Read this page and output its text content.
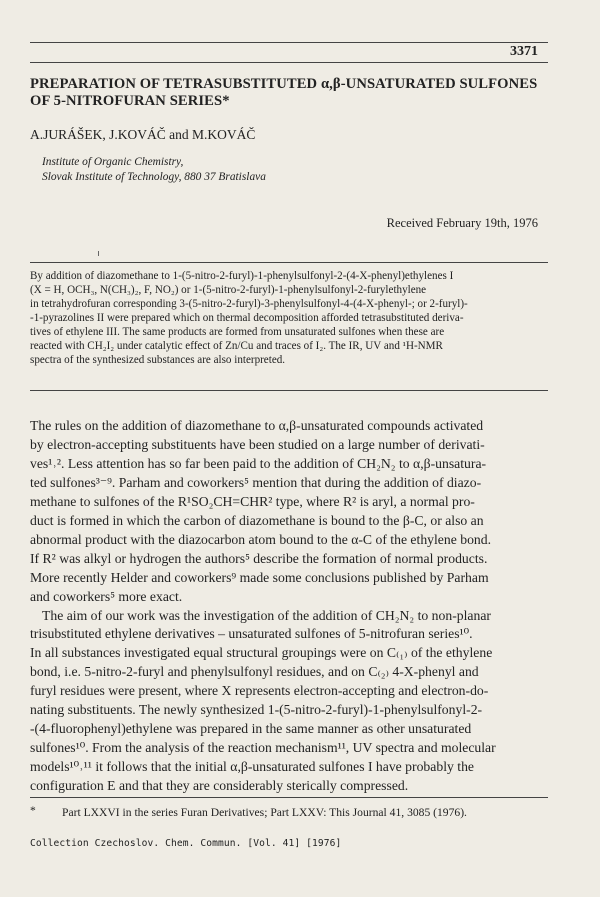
3371
PREPARATION OF TETRASUBSTITUTED α,β-UNSATURATED SULFONES
OF 5-NITROFURAN SERIES*
A.JURÁŠEK, J.KOVÁČ and M.KOVÁČ
Institute of Organic Chemistry,
Slovak Institute of Technology, 880 37 Bratislava
Received February 19th, 1976
By addition of diazomethane to 1-(5-nitro-2-furyl)-1-phenylsulfonyl-2-(4-X-phenyl)ethylenes I
(X = H, OCH₃, N(CH₃)₂, F, NO₂) or 1-(5-nitro-2-furyl)-1-phenylsulfonyl-2-furylethylene
in tetrahydrofuran corresponding 3-(5-nitro-2-furyl)-3-phenylsulfonyl-4-(4-X-phenyl-; or 2-furyl)-
-1-pyrazolines II were prepared which on thermal decomposition afforded tetrasubstituted deriva-
tives of ethylene III. The same products are formed from unsaturated sulfones when these are
reacted with CH₂I₂ under catalytic effect of Zn/Cu and traces of I₂. The IR, UV and ¹H-NMR
spectra of the synthesized substances are also interpreted.
The rules on the addition of diazomethane to α,β-unsaturated compounds activated
by electron-accepting substituents have been studied on a large number of derivati-
ves¹˒². Less attention has so far been paid to the addition of CH₂N₂ to α,β-unsatura-
ted sulfones³⁻⁹. Parham and coworkers⁵ mention that during the addition of diazo-
methane to sulfones of the R¹SO₂CH=CHR² type, where R² is aryl, a normal pro-
duct is formed in which the carbon of diazomethane is bound to the β-C, or also an
abnormal product with the diazocarbon atom bound to the α-C of the ethylene bond.
If R² was alkyl or hydrogen the authors⁵ describe the formation of normal products.
More recently Helder and coworkers⁹ made some conclusions published by Parham
and coworkers⁵ more exact.
The aim of our work was the investigation of the addition of CH₂N₂ to non-planar
trisubstituted ethylene derivatives – unsaturated sulfones of 5-nitrofuran series¹⁰.
In all substances investigated equal structural groupings were on C₍₁₎ of the ethylene
bond, i.e. 5-nitro-2-furyl and phenylsulfonyl residues, and on C₍₂₎ 4-X-phenyl and
furyl residues were present, where X represents electron-accepting and electron-do-
nating substituents. The newly synthesized 1-(5-nitro-2-furyl)-1-phenylsulfonyl-2-
-(4-fluorophenyl)ethylene was prepared in the same manner as other unsaturated
sulfones¹⁰. From the analysis of the reaction mechanism¹¹, UV spectra and molecular
models¹⁰˒¹¹ it follows that the initial α,β-unsaturated sulfones I have probably the
configuration E and that they are considerably sterically compressed.
* Part LXXVI in the series Furan Derivatives; Part LXXV: This Journal 41, 3085 (1976).
Collection Czechoslov. Chem. Commun. [Vol. 41] [1976]
